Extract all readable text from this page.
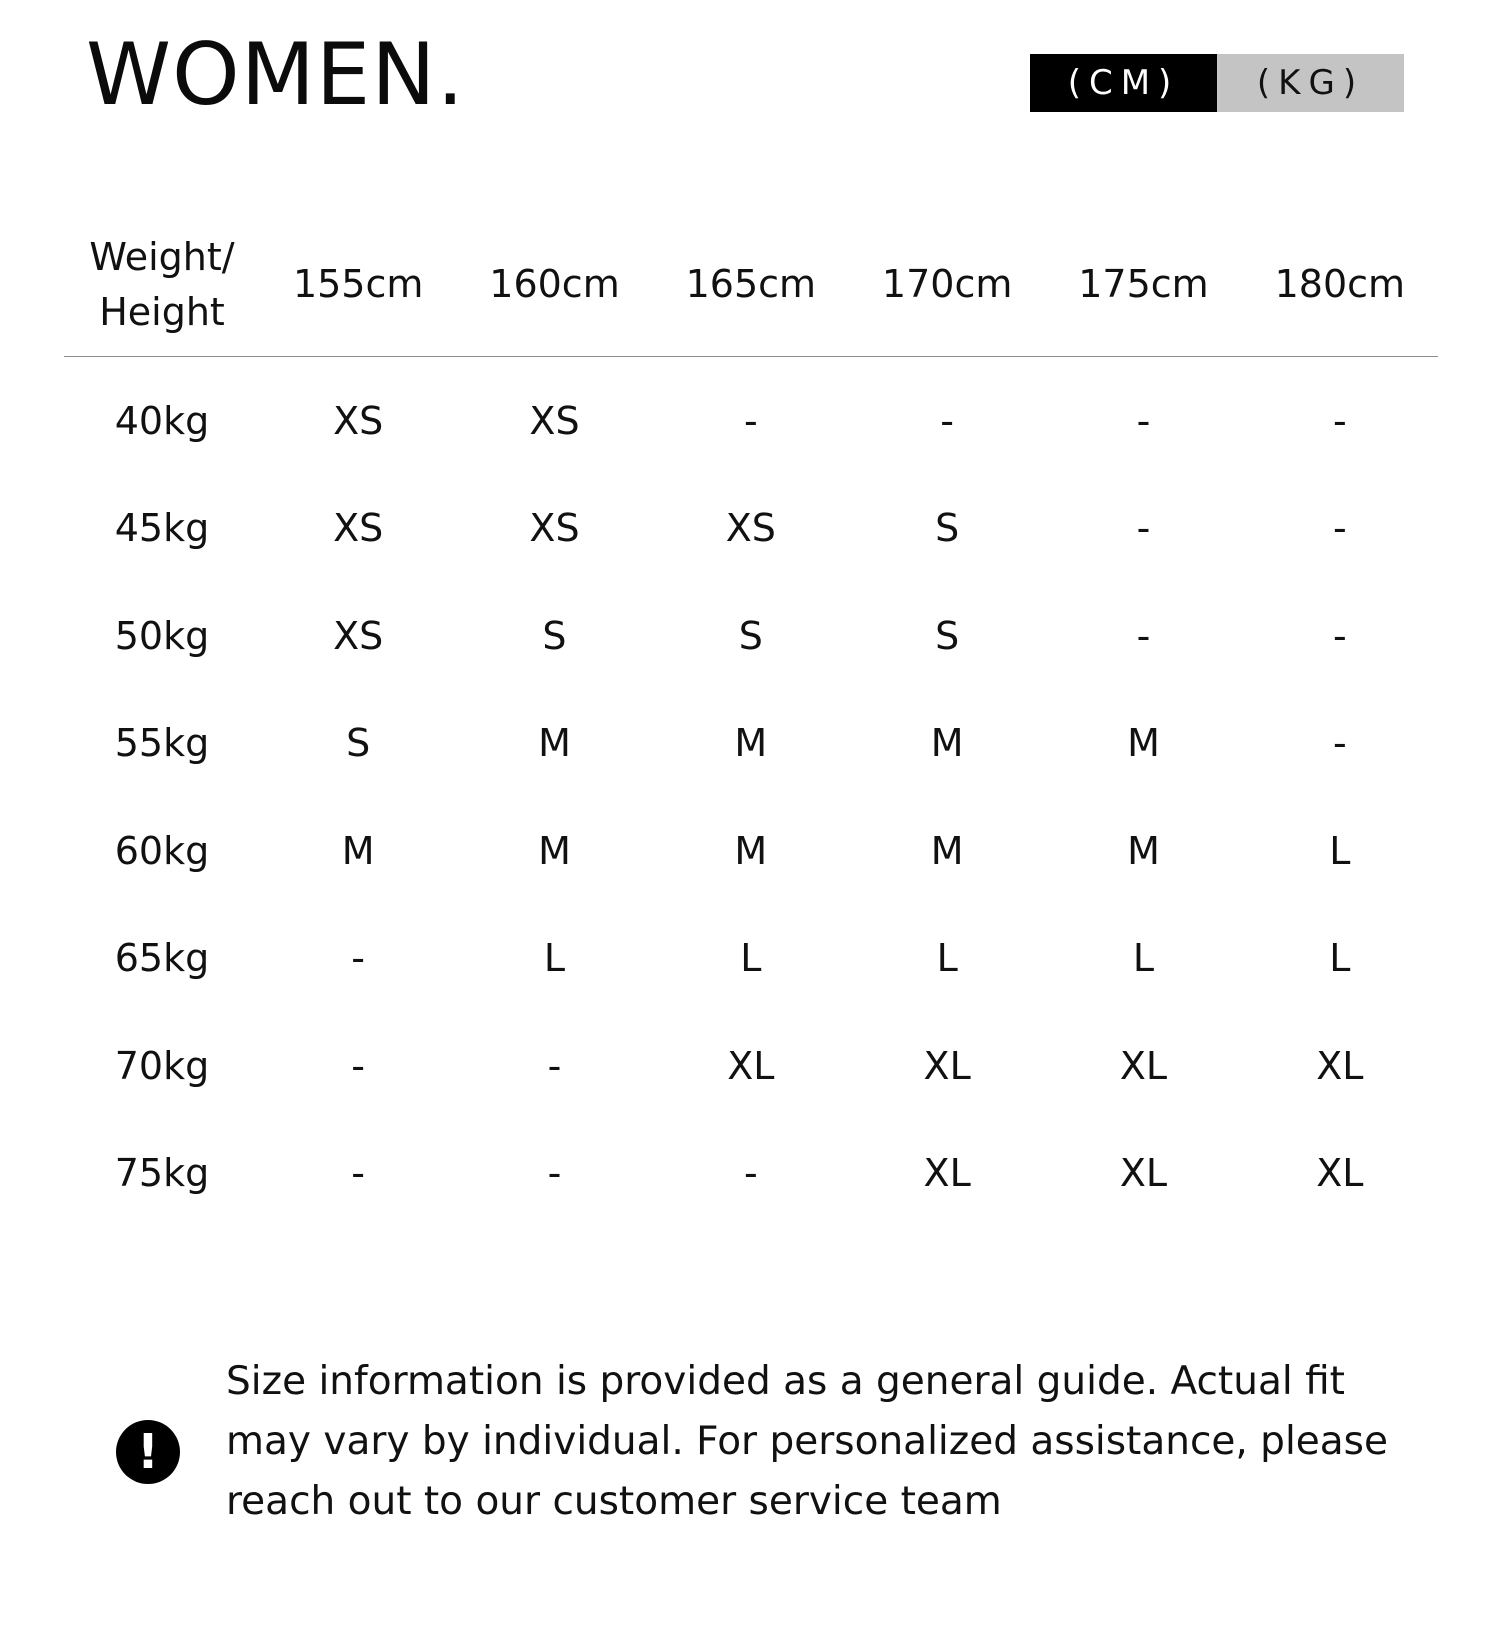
WOMEN.	(CM)	(KG)
Weight/
Height	155cm	160cm	165cm	170cm	175cm	180cm
40kg	XS	XS	-	-	-	-
45kg	XS	XS	XS	S	-	-
50kg	XS	S	S	S	-	-
55kg	S	M	M	M	M	-
60kg	M	M	M	M	M	L
65kg	-	L	L	L	L	L
70kg	-	-	XL	XL	XL	XL
75kg	-	-	-	XL	XL	XL
!
Size information is provided as a general guide. Actual fit may vary by individual. For personalized assistance, please reach out to our customer service team
